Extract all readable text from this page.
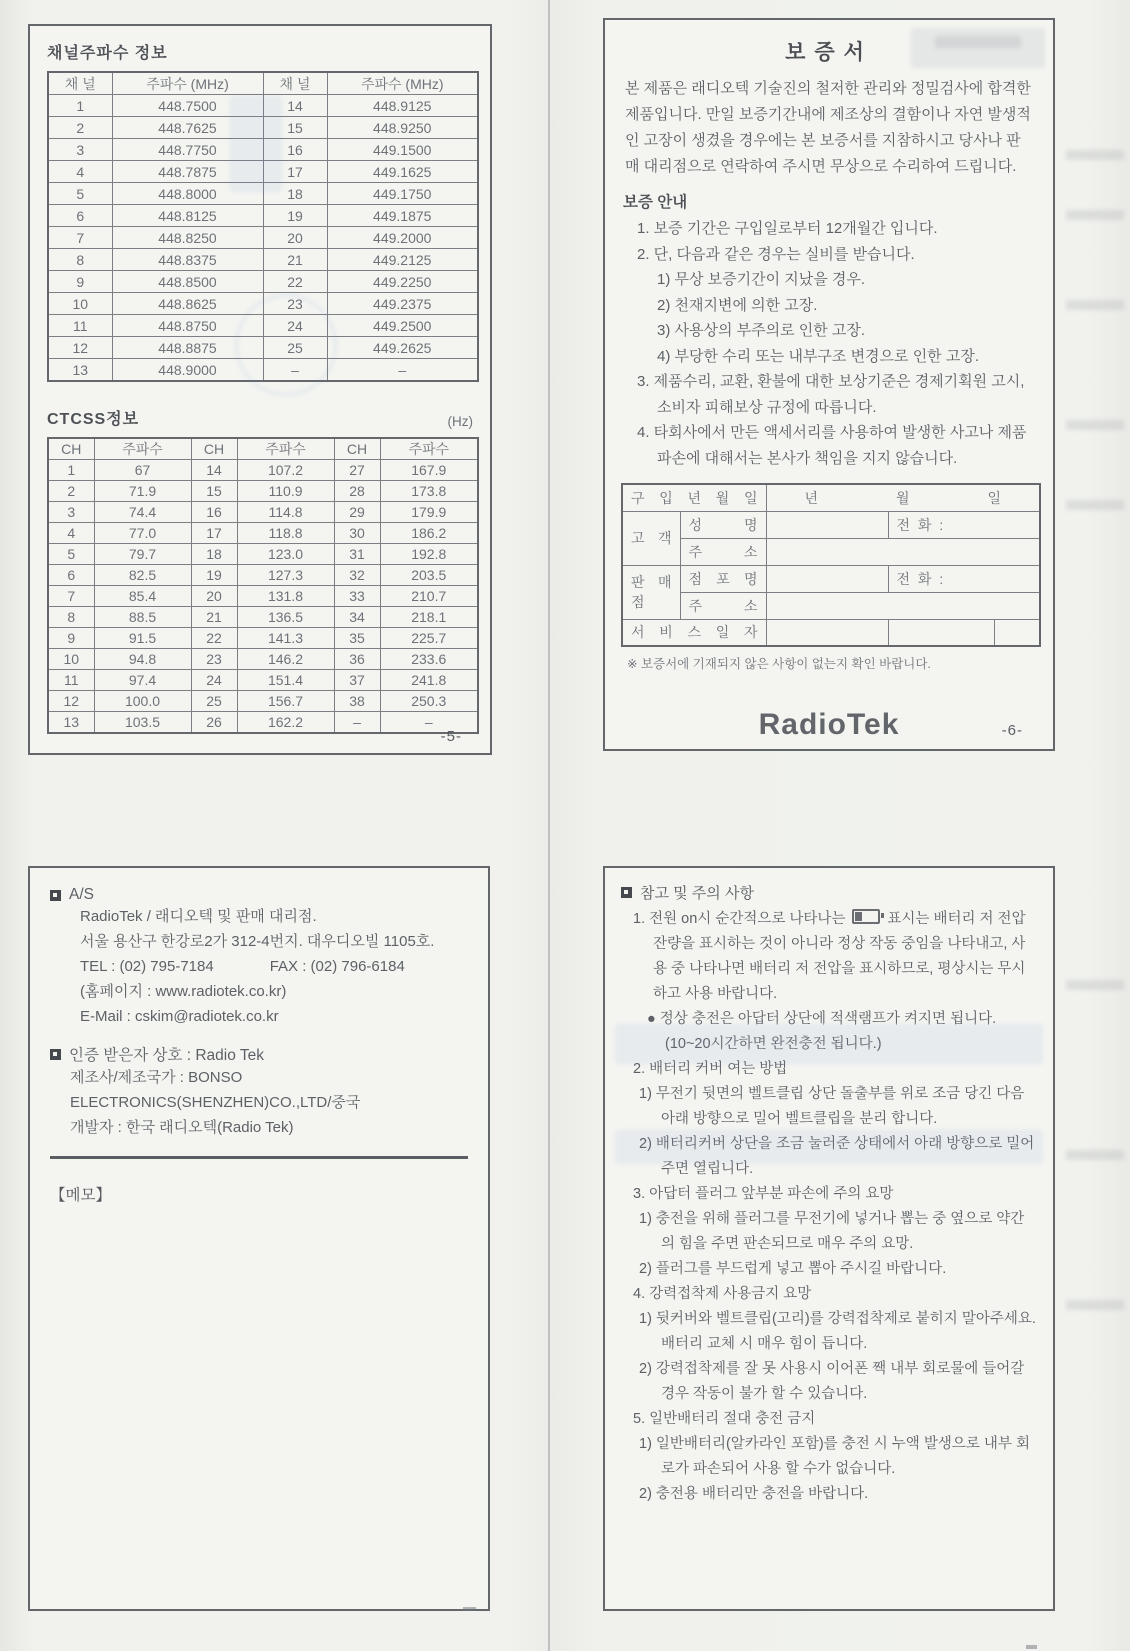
채널주파수 정보
채 널	주파수 (MHz)	채 널	주파수 (MHz)
1	448.7500	14	448.9125
2	448.7625	15	448.9250
3	448.7750	16	449.1500
4	448.7875	17	449.1625
5	448.8000	18	449.1750
6	448.8125	19	449.1875
7	448.8250	20	449.2000
8	448.8375	21	449.2125
9	448.8500	22	449.2250
10	448.8625	23	449.2375
11	448.8750	24	449.2500
12	448.8875	25	449.2625
13	448.9000	–	–
CTCSS정보	(Hz)
CH	주파수	CH	주파수	CH	주파수
1	67	14	107.2	27	167.9
2	71.9	15	110.9	28	173.8
3	74.4	16	114.8	29	179.9
4	77.0	17	118.8	30	186.2
5	79.7	18	123.0	31	192.8
6	82.5	19	127.3	32	203.5
7	85.4	20	131.8	33	210.7
8	88.5	21	136.5	34	218.1
9	91.5	22	141.3	35	225.7
10	94.8	23	146.2	36	233.6
11	97.4	24	151.4	37	241.8
12	100.0	25	156.7	38	250.3
13	103.5	26	162.2	–	–
-5-
보증서
본 제품은 래디오텍 기술진의 철저한 관리와 정밀검사에 합격한 제품입니다. 만일 보증기간내에 제조상의 결함이나 자연 발생적인 고장이 생겼을 경우에는 본 보증서를 지참하시고 당사나 판매 대리점으로 연락하여 주시면 무상으로 수리하여 드립니다.
보증 안내
1. 보증 기간은 구입일로부터 12개월간 입니다.
2. 단, 다음과 같은 경우는 실비를 받습니다.
1) 무상 보증기간이 지났을 경우.
2) 천재지변에 의한 고장.
3) 사용상의 부주의로 인한 고장.
4) 부당한 수리 또는 내부구조 변경으로 인한 고장.
3. 제품수리, 교환, 환불에 대한 보상기준은 경제기획원 고시, 소비자 피해보상 규정에 따릅니다.
4. 타회사에서 만든 액세서리를 사용하여 발생한 사고나 제품 파손에 대해서는 본사가 책임을 지지 않습니다.
구 입 년 월 일		년 월 일		
고 객	성 명		전 화 :	
	주 소			
판 매 점	점 포 명		전 화 :	
	주 소			
서 비 스 일 자				
※ 보증서에 기재되지 않은 사항이 없는지 확인 바랍니다.
RadioTek	-6-
A/S
RadioTek / 래디오텍 및 판매 대리점.
서울 용산구 한강로2가 312-4번지. 대우디오빌 1105호.
TEL : (02) 795-7184	FAX : (02) 796-6184
(홈페이지 : www.radiotek.co.kr)
E-Mail : cskim@radiotek.co.kr
인증 받은자 상호 : Radio Tek
제조사/제조국가 : BONSO ELECTRONICS(SHENZHEN)CO.,LTD/중국
개발자 : 한국 래디오텍(Radio Tek)
【메모】
참고 및 주의 사항
1. 전원 on시 순간적으로 나타나는	표시는 배터리 저 전압 잔량을 표시하는 것이 아니라 정상 작동 중임을 나타내고, 사용 중 나타나면 배터리 저 전압을 표시하므로, 평상시는 무시하고 사용 바랍니다.
● 정상 충전은 아답터 상단에 적색램프가 켜지면 됩니다.
(10~20시간하면 완전충전 됩니다.)
2. 배터리 커버 여는 방법
1) 무전기 뒷면의 벨트클립 상단 돌출부를 위로 조금 당긴 다음 아래 방향으로 밀어 벨트클립을 분리 합니다.
2) 배터리커버 상단을 조금 눌러준 상태에서 아래 방향으로 밀어주면 열립니다.
3. 아답터 플러그 앞부분 파손에 주의 요망
1) 충전을 위해 플러그를 무전기에 넣거나 뽑는 중 옆으로 약간의 힘을 주면 판손되므로 매우 주의 요망.
2) 플러그를 부드럽게 넣고 뽑아 주시길 바랍니다.
4. 강력접착제 사용금지 요망
1) 뒷커버와 벨트클립(고리)를 강력접착제로 붙히지 말아주세요. 배터리 교체 시 매우 힘이 듭니다.
2) 강력접착제를 잘 못 사용시 이어폰 짹 내부 회로물에 들어갈 경우 작동이 불가 할 수 있습니다.
5. 일반배터리 절대 충전 금지
1) 일반배터리(알카라인 포함)를 충전 시 누액 발생으로 내부 회로가 파손되어 사용 할 수가 없습니다.
2) 충전용 배터리만 충전을 바랍니다.
